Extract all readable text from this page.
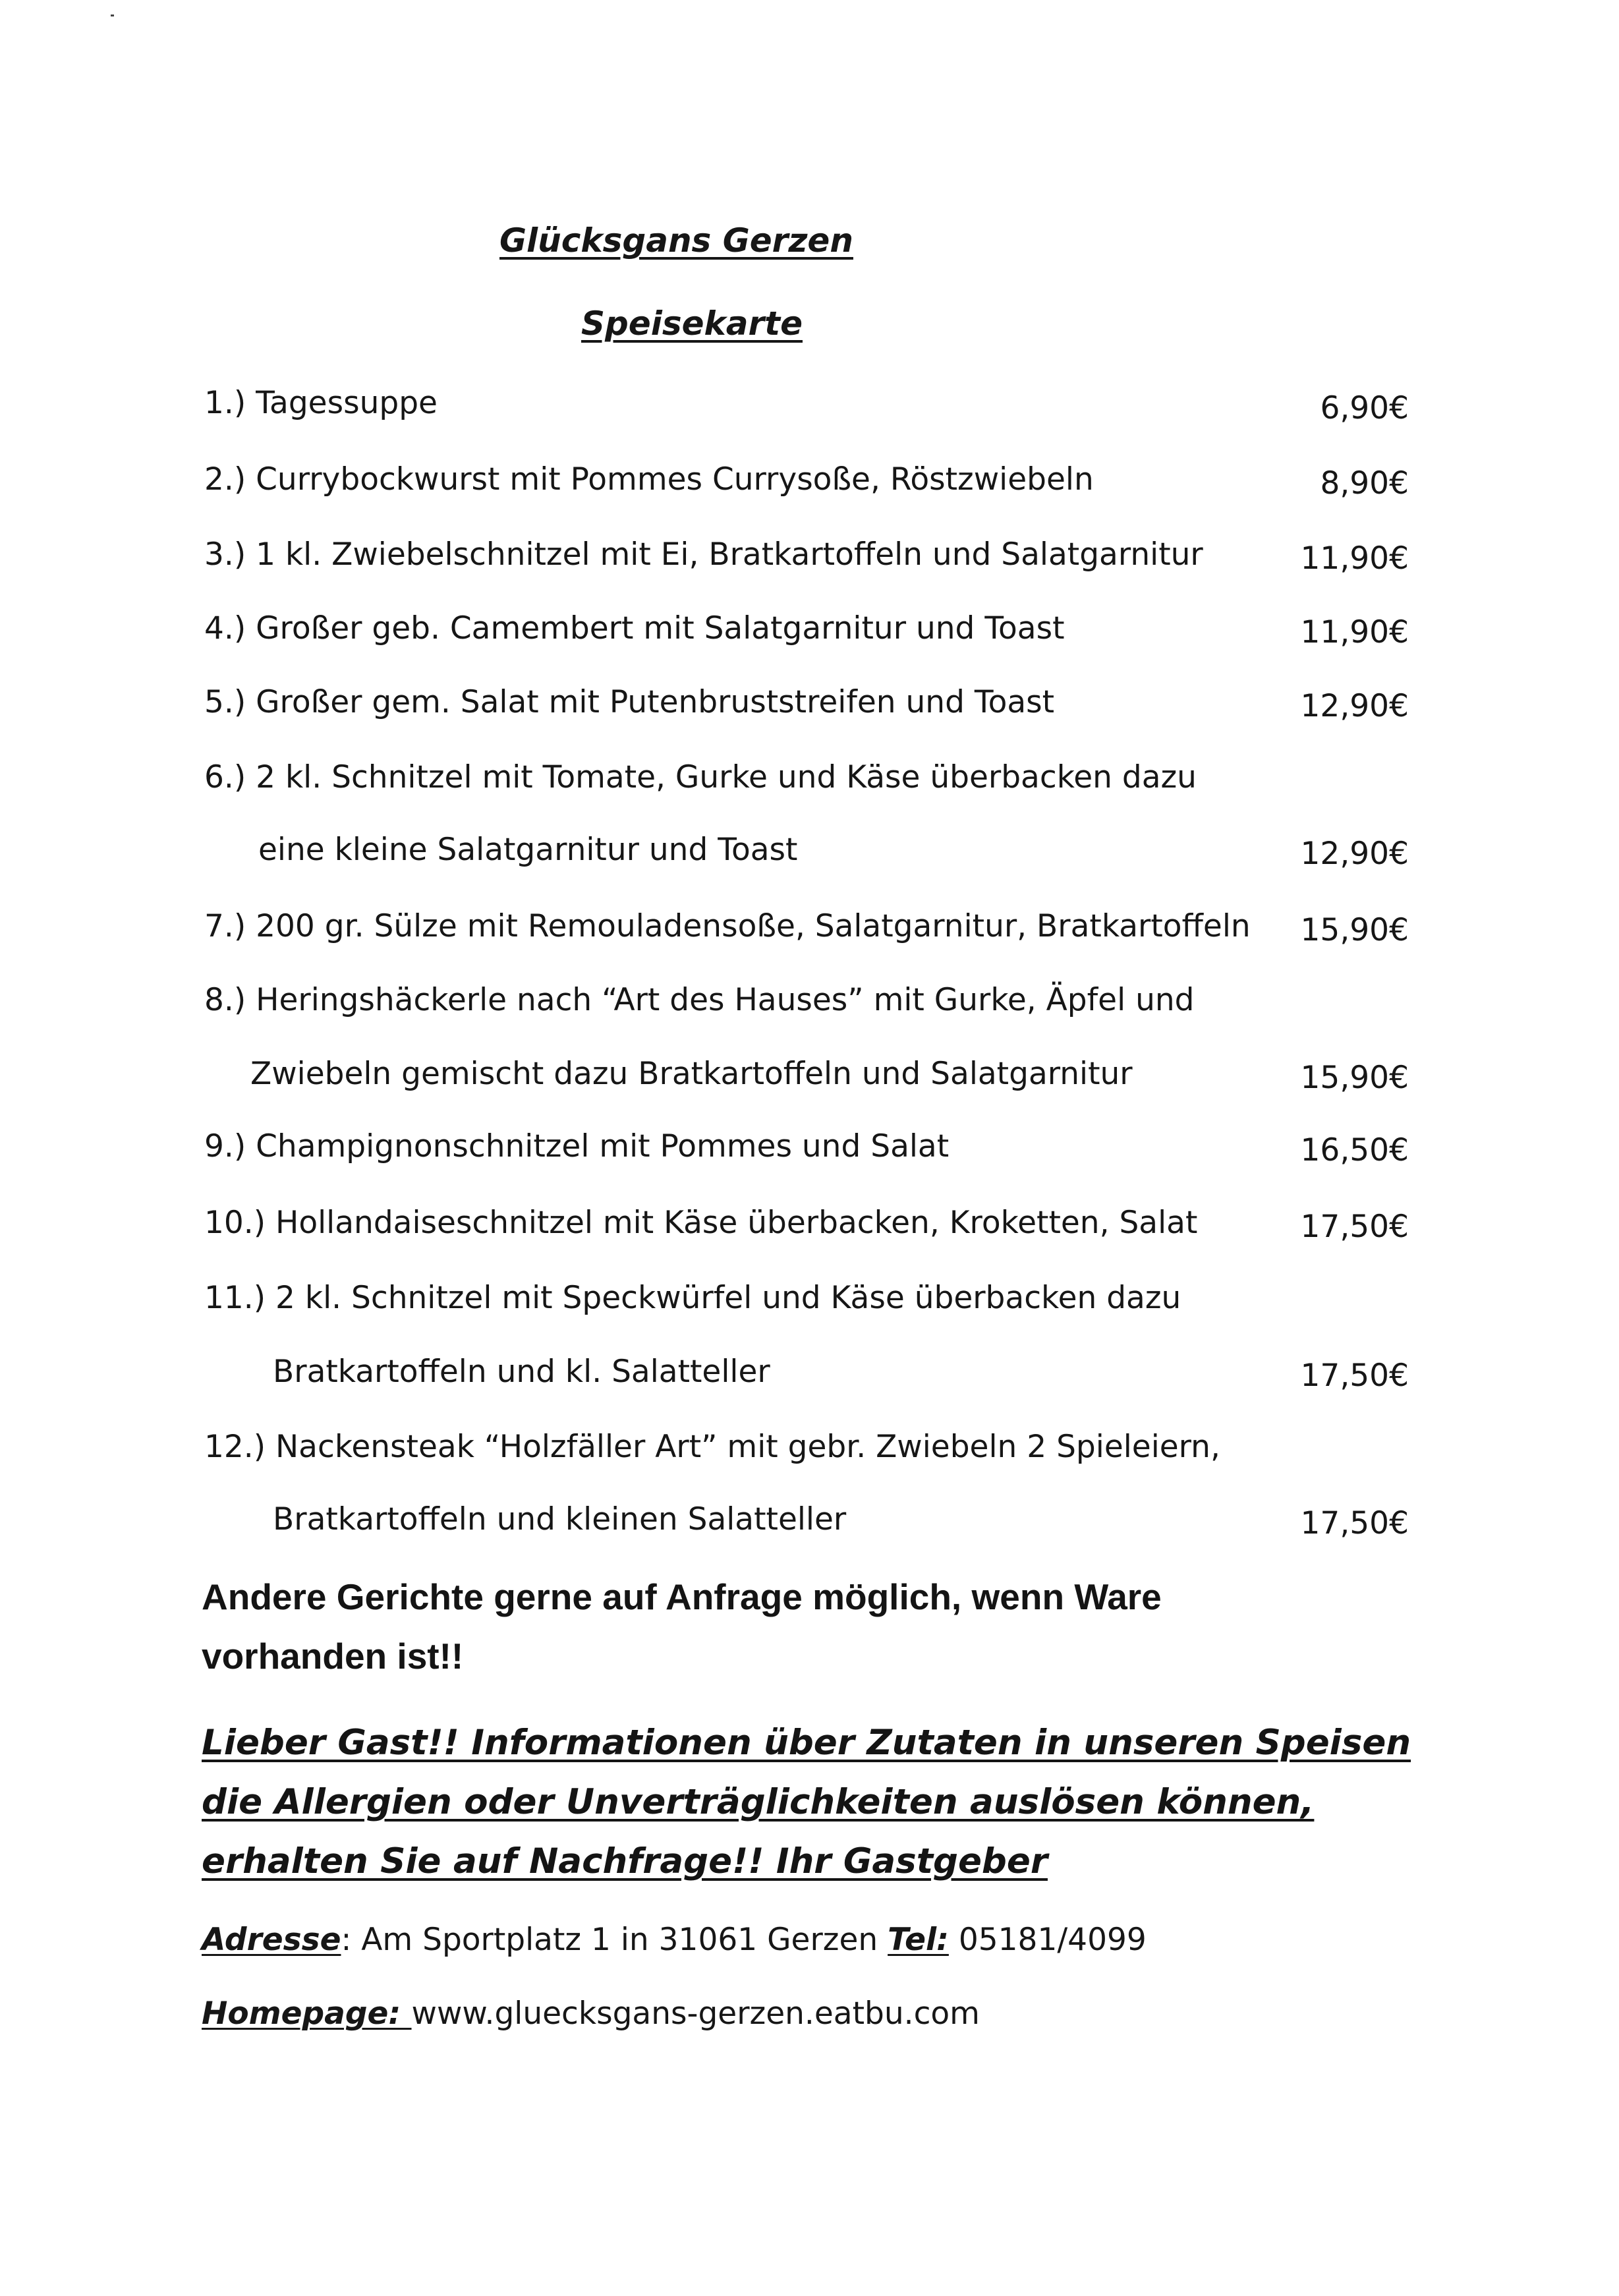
Glücksgans Gerzen
Speisekarte
1.) Tagessuppe	6,90€
2.) Currybockwurst mit Pommes Currysoße, Röstzwiebeln	8,90€
3.) 1 kl. Zwiebelschnitzel mit Ei, Bratkartoffeln und Salatgarnitur	11,90€
4.) Großer geb. Camembert mit Salatgarnitur und Toast	11,90€
5.) Großer gem. Salat mit Putenbruststreifen und Toast	12,90€
6.) 2 kl. Schnitzel mit Tomate, Gurke und Käse überbacken dazu
eine kleine Salatgarnitur und Toast	12,90€
7.) 200 gr. Sülze mit Remouladensoße, Salatgarnitur, Bratkartoffeln 15,90€
8.) Heringshäckerle nach “Art des Hauses” mit Gurke, Äpfel und
Zwiebeln gemischt dazu Bratkartoffeln und Salatgarnitur	15,90€
9.) Champignonschnitzel mit Pommes und Salat	16,50€
10.) Hollandaiseschnitzel mit Käse überbacken, Kroketten, Salat	17,50€
11.) 2 kl. Schnitzel mit Speckwürfel und Käse überbacken dazu
Bratkartoffeln und kl. Salatteller	17,50€
12.) Nackensteak “Holzfäller Art” mit gebr. Zwiebeln 2 Spieleiern,
Bratkartoffeln und kleinen Salatteller	17,50€
Andere Gerichte gerne auf Anfrage möglich, wenn Ware
vorhanden ist!!
Lieber Gast!! Informationen über Zutaten in unseren Speisen
die Allergien oder Unverträglichkeiten auslösen können,
erhalten Sie auf Nachfrage!! Ihr Gastgeber
Adresse: Am Sportplatz 1 in 31061 Gerzen Tel: 05181/4099
Homepage: www.gluecksgans-gerzen.eatbu.com
